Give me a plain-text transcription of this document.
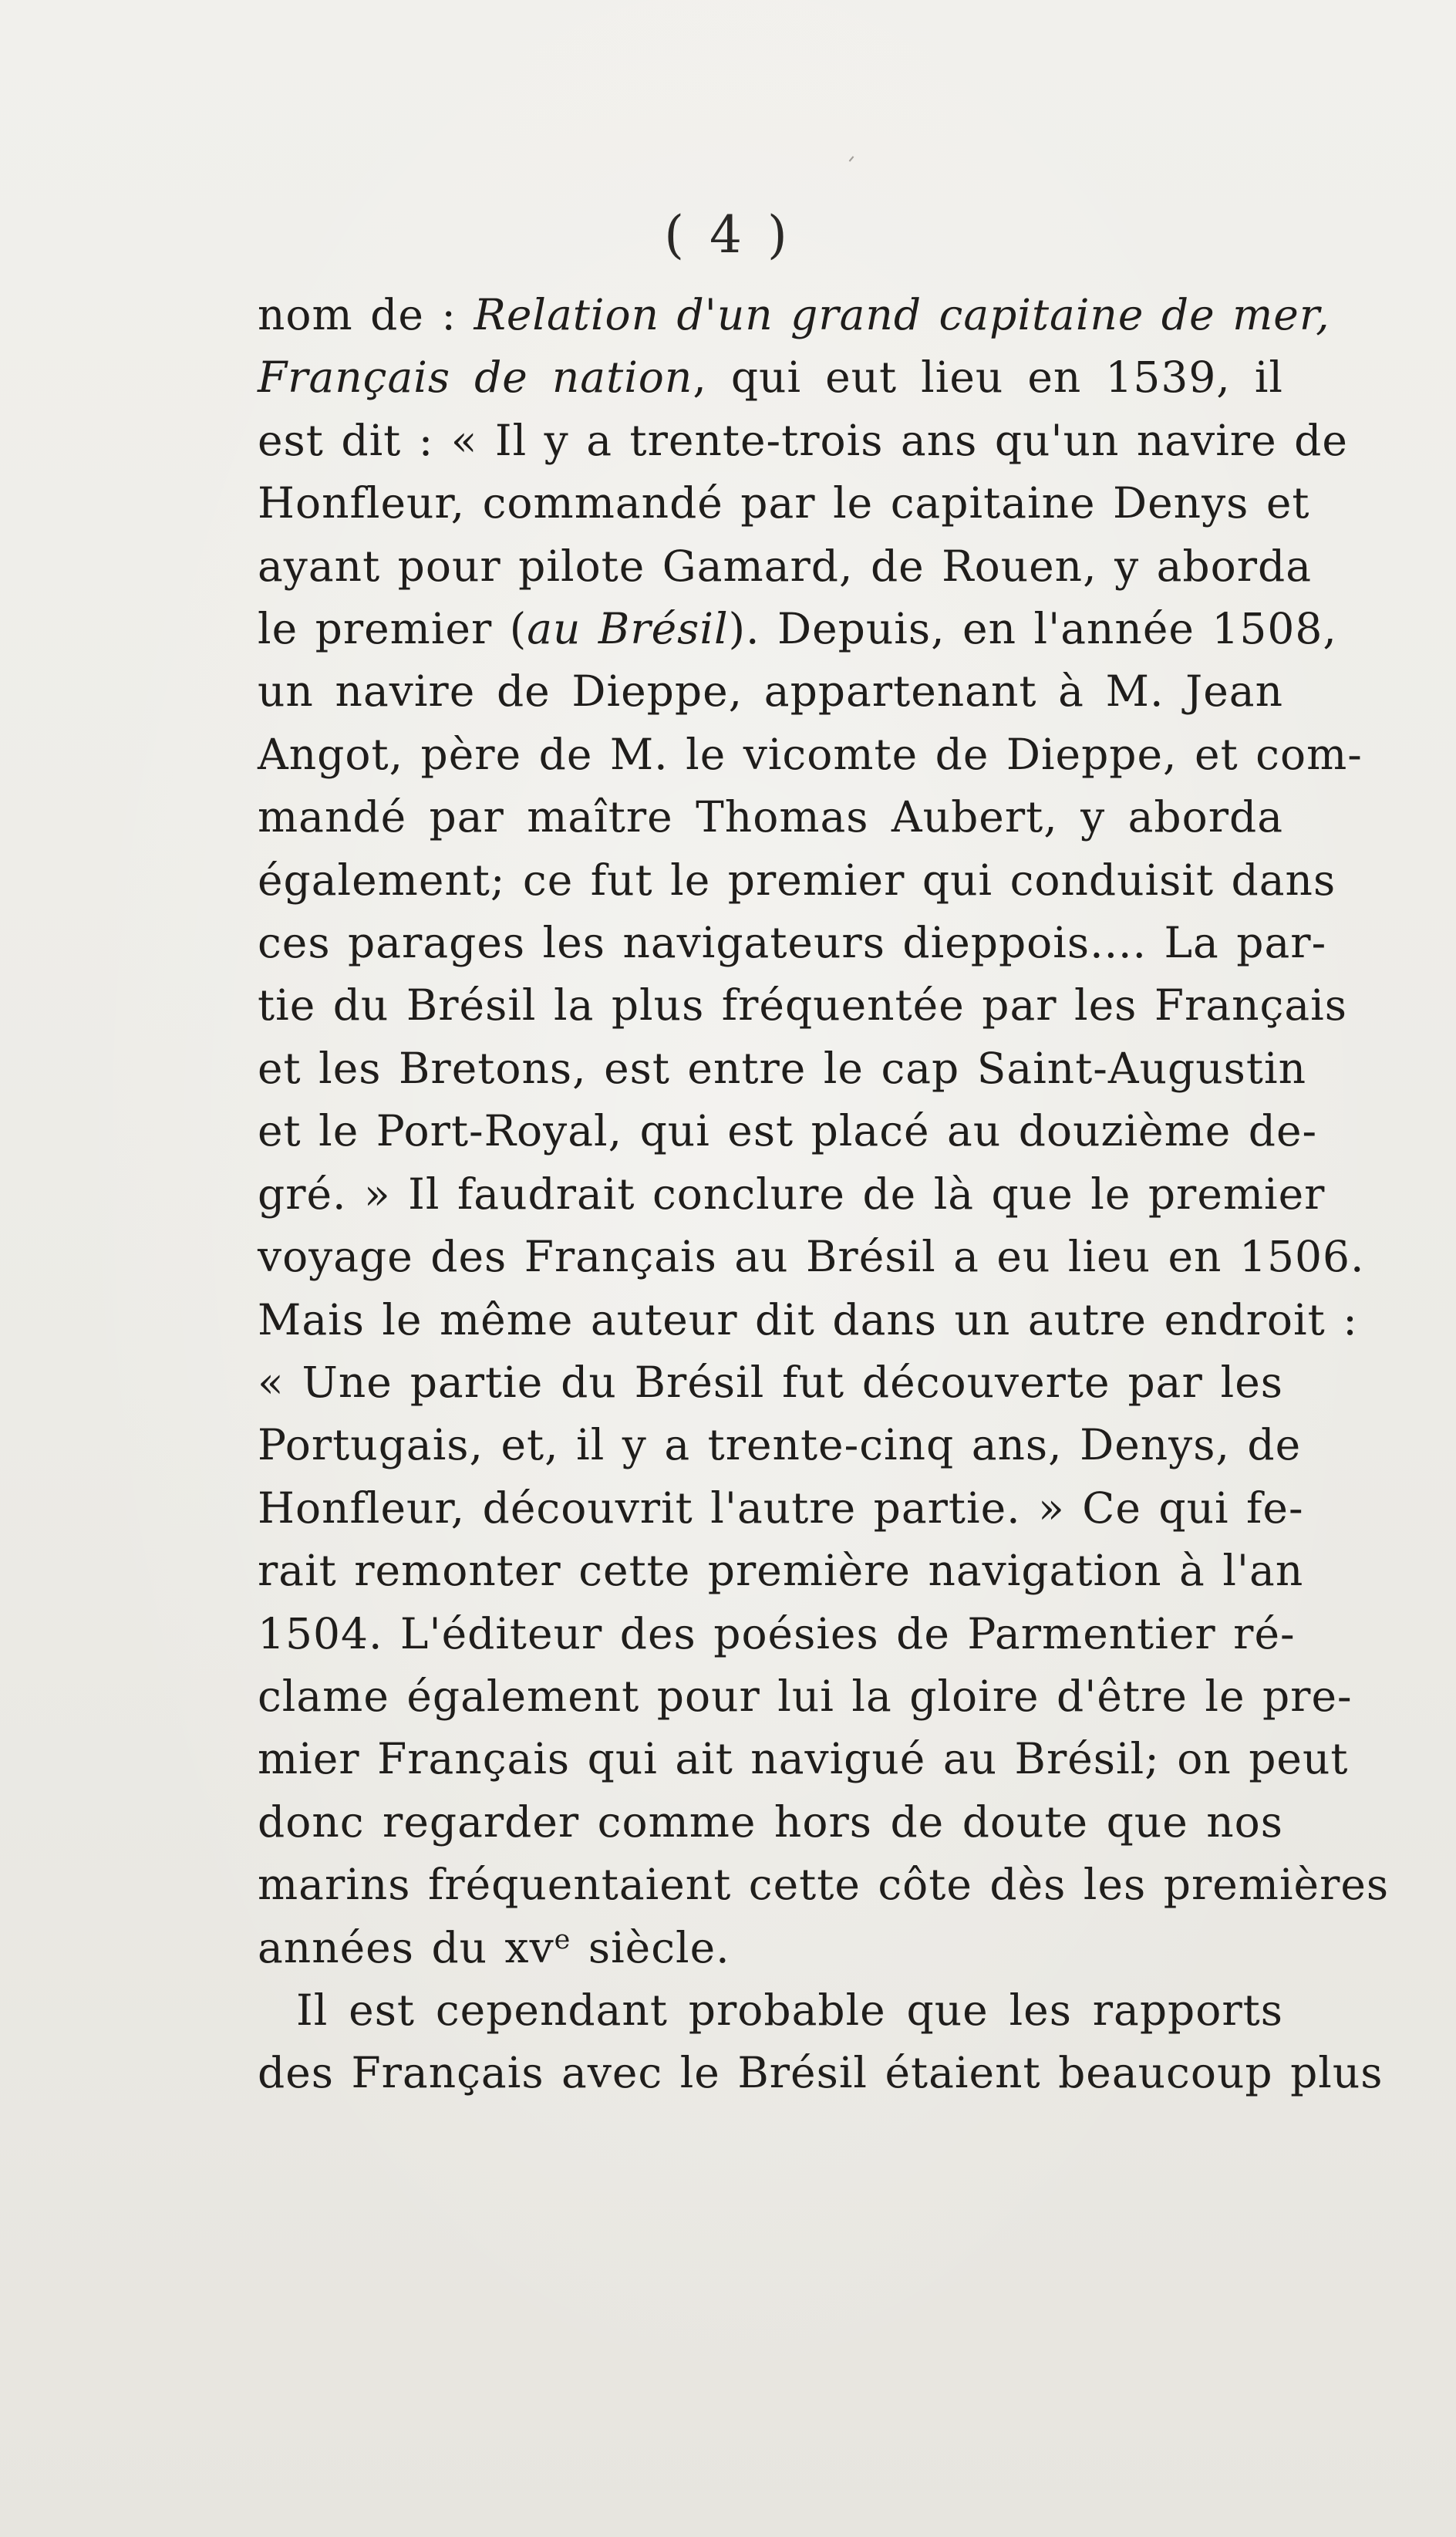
( 4 )

nom de : Relation d'un grand capitaine de mer,
Français de nation, qui eut lieu en 1539, il
est dit : « Il y a trente-trois ans qu'un navire de
Honfleur, commandé par le capitaine Denys et
ayant pour pilote Gamard, de Rouen, y aborda
le premier (au Brésil). Depuis, en l'année 1508,
un navire de Dieppe, appartenant à M. Jean
Angot, père de M. le vicomte de Dieppe, et com-
mandé par maître Thomas Aubert, y aborda
également; ce fut le premier qui conduisit dans
ces parages les navigateurs dieppois.... La par-
tie du Brésil la plus fréquentée par les Français
et les Bretons, est entre le cap Saint-Augustin
et le Port-Royal, qui est placé au douzième de-
gré. » Il faudrait conclure de là que le premier
voyage des Français au Brésil a eu lieu en 1506.
Mais le même auteur dit dans un autre endroit :
« Une partie du Brésil fut découverte par les
Portugais, et, il y a trente-cinq ans, Denys, de
Honfleur, découvrit l'autre partie. » Ce qui fe-
rait remonter cette première navigation à l'an
1504. L'éditeur des poésies de Parmentier ré-
clame également pour lui la gloire d'être le pre-
mier Français qui ait navigué au Brésil; on peut
donc regarder comme hors de doute que nos
marins fréquentaient cette côte dès les premières
années du $xv^e$ siècle.

Il est cependant probable que les rapports
des Français avec le Brésil étaient beaucoup plus
